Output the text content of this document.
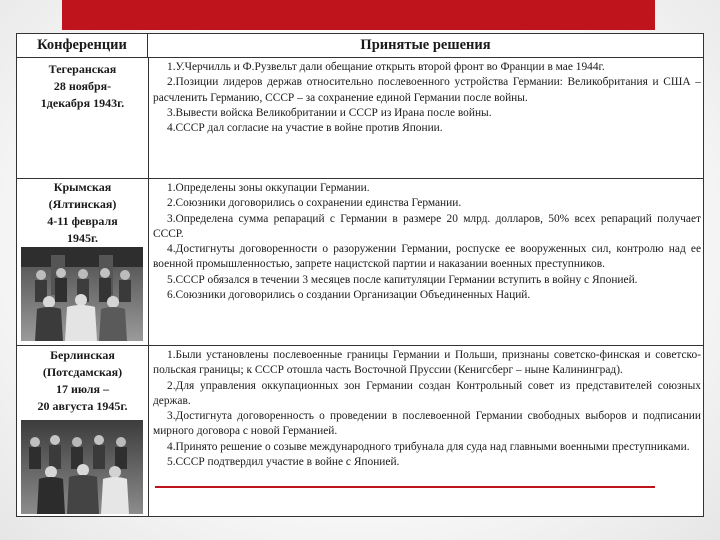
Конференции	Принятые решения
Тегеранская
28 ноября-
1декабря 1943г.

1.У.Черчилль и Ф.Рузвельт дали обещание открыть второй фронт во Франции в мае 1944г.

2.Позиции лидеров держав относительно послевоенного устройства Германии: Великобритания и США – расчленить Германию, СССР – за сохранение единой Германии после войны.

3.Вывести войска Великобритании и СССР из Ирана после войны.

4.СССР дал согласие на участие в войне против Японии.

Крымская
(Ялтинская)
4-11 февраля
1945г.

1.Определены зоны оккупации Германии.

2.Союзники договорились о сохранении единства Германии.

3.Определена сумма репараций с Германии в размере 20 млрд. долларов, 50% всех репараций получает СССР.

4.Достигнуты договоренности о разоружении Германии, роспуске ее вооруженных сил, контролю над ее военной промышленностью, запрете нацистской партии и наказании военных преступников.

5.СССР обязался в течении 3 месяцев после капитуляции Германии вступить в войну с Японией.

6.Союзники договорились о создании Организации Объединенных Наций.

Берлинская
(Потсдамская)
17 июля –
20 августа 1945г.

1.Были установлены послевоенные границы Германии и Польши, признаны советско-финская и советско-польская границы; к СССР отошла часть Восточной Пруссии (Кенигсберг – ныне Калининград).

2.Для управления оккупационных зон Германии создан Контрольный совет из представителей союзных держав.

3.Достигнута договоренность о проведении в послевоенной Германии свободных выборов и подписании мирного договора с новой Германией.

4.Принято решение о созыве международного трибунала для суда над главными военными преступниками.

5.СССР подтвердил участие в войне с Японией.
